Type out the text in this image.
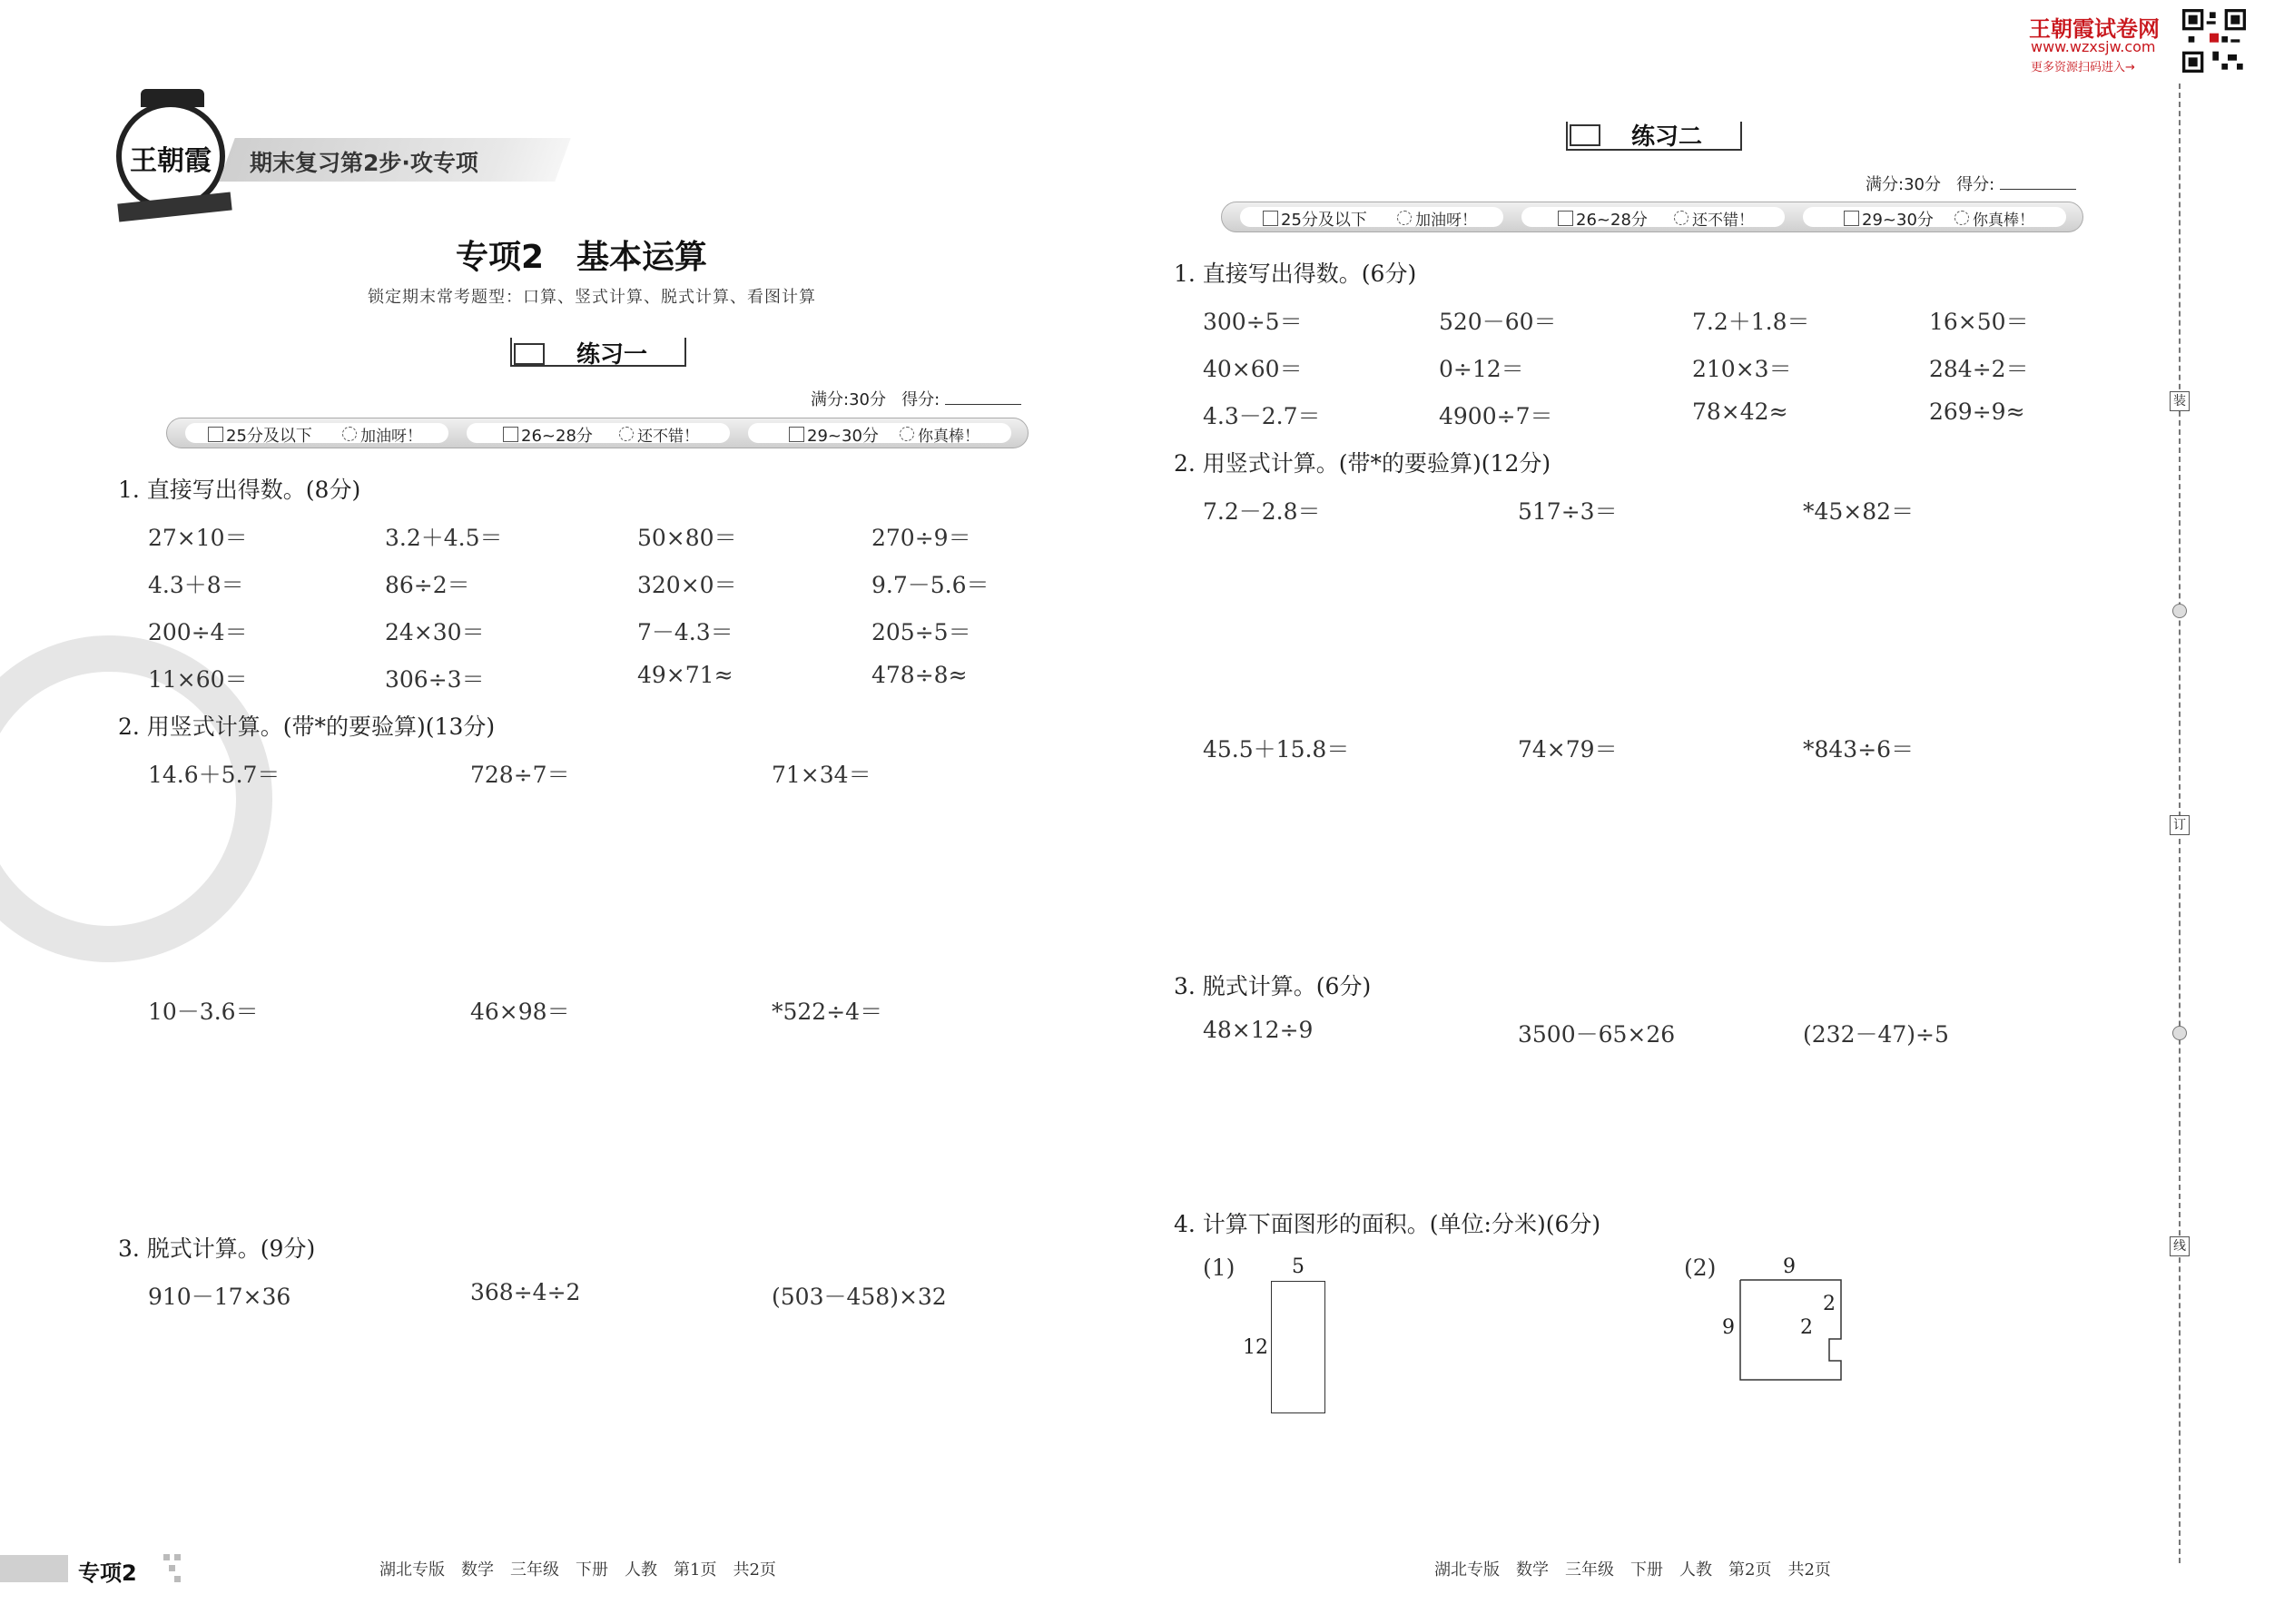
王朝霞	期末复习第2步·攻专项
王朝霞试卷网
www.wzxsjw.com
更多资源扫码进入→
专项2　基本运算
锁定期末常考题型：口算、竖式计算、脱式计算、看图计算
练习一
满分:30分 得分:
25分及以下	加油呀！	26~28分	还不错！	29~30分	你真棒！
1. 直接写出得数。(8分)
27×10＝	3.2＋4.5＝	50×80＝	270÷9＝
4.3＋8＝	86÷2＝	320×0＝	9.7－5.6＝
200÷4＝	24×30＝	7－4.3＝	205÷5＝
11×60＝	306÷3＝	49×71≈	478÷8≈
2. 用竖式计算。(带*的要验算)(13分)
14.6＋5.7＝	728÷7＝	71×34＝
10－3.6＝	46×98＝	*522÷4＝
3. 脱式计算。(9分)
910－17×36	368÷4÷2	(503－458)×32
专项2	湖北专版　数学　三年级　下册　人教　第1页　共2页
练习二
满分:30分 得分:
25分及以下	加油呀！	26~28分	还不错！	29~30分	你真棒！
1. 直接写出得数。(6分)
300÷5＝	520－60＝	7.2＋1.8＝	16×50＝
40×60＝	0÷12＝	210×3＝	284÷2＝
4.3－2.7＝	4900÷7＝	78×42≈	269÷9≈
2. 用竖式计算。(带*的要验算)(12分)
7.2－2.8＝	517÷3＝	*45×82＝
45.5＋15.8＝	74×79＝	*843÷6＝
3. 脱式计算。(6分)
48×12÷9	3500－65×26	(232－47)÷5
4. 计算下面图形的面积。(单位:分米)(6分)
(1)	5
12
(2)	9
9
2
2
湖北专版　数学　三年级　下册　人教　第2页　共2页
装
订
线
